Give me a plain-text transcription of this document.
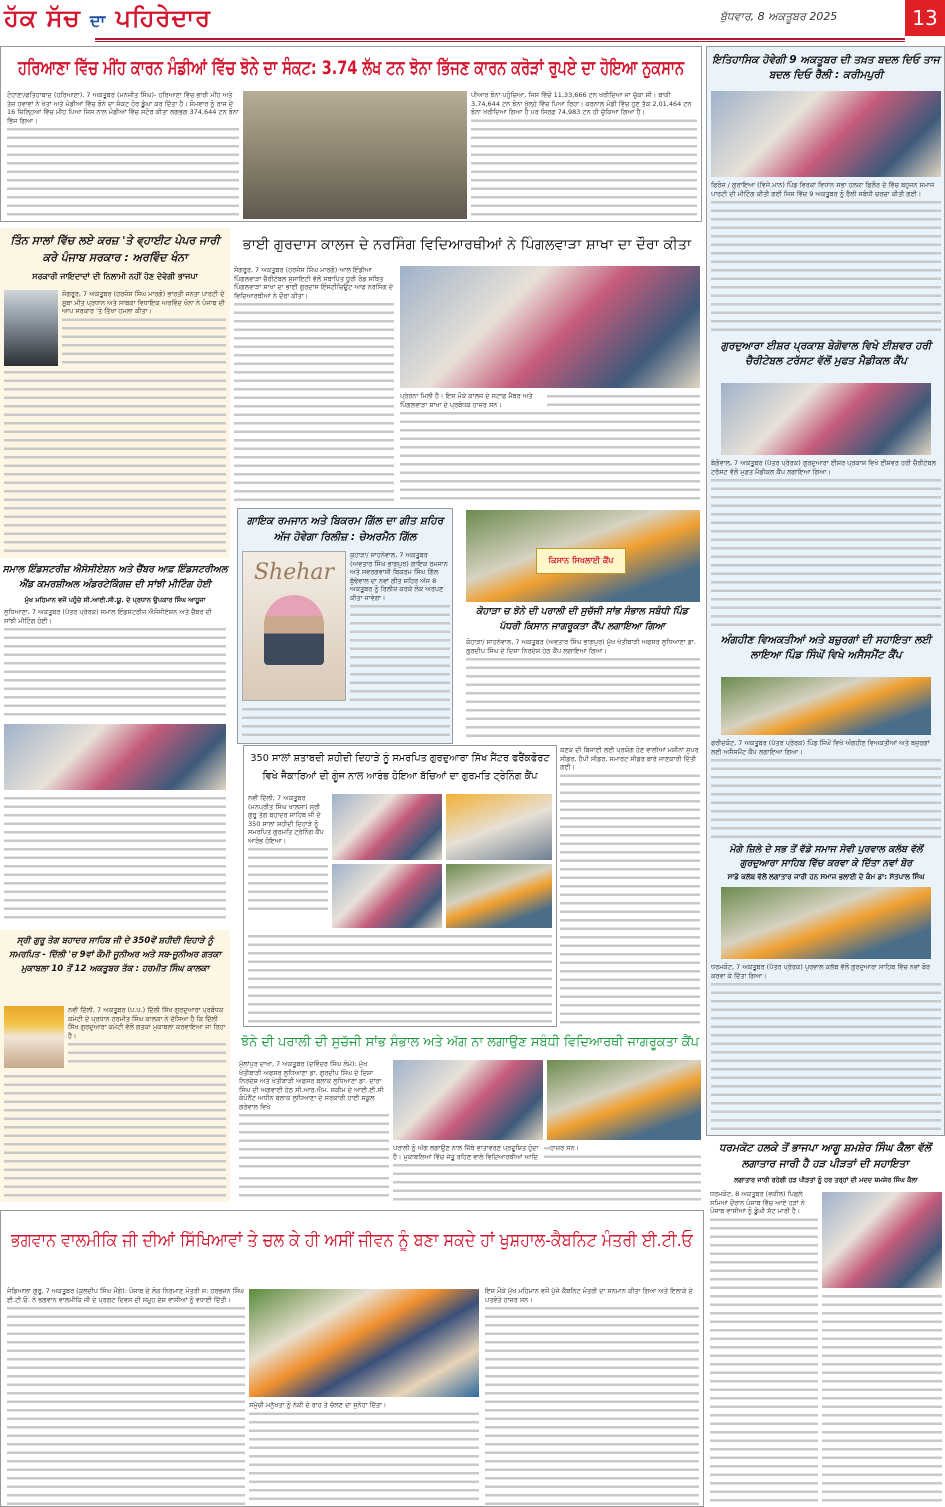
ਹੱਕ ਸੱਚ ਦਾ ਪਹਿਰੇਦਾਰ	ਬੁੱਧਵਾਰ, 8 ਅਕਤੂਬਰ 2025	13
ਹਰਿਆਣਾ ਵਿੱਚ ਮੀਂਹ ਕਾਰਨ ਮੰਡੀਆਂ ਵਿੱਚ ਝੋਨੇ ਦਾ ਸੰਕਟ: 3.74 ਲੱਖ ਟਨ ਝੋਨਾ ਭਿੱਜਣ ਕਾਰਨ ਕਰੋੜਾਂ ਰੁਪਏ ਦਾ ਹੋਇਆ ਨੁਕਸਾਨ
ਟੋਹਾਣਾ/ਫਤਿਹਾਬਾਦ (ਹਰਿਆਣਾ), 7 ਅਕਤੂਬਰ (ਮਨਜੀਤ ਸਿੰਘ)- ਹਰਿਆਣਾ ਵਿੱਚ ਭਾਰੀ ਮੀਂਹ ਅਤੇ ਤੇਜ਼ ਹਵਾਵਾਂ ਨੇ ਖੇਤਾਂ ਅਤੇ ਮੰਡੀਆਂ ਵਿੱਚ ਝੋਨੇ ਦਾ ਸੰਕਟ ਹੋਰ ਡੂੰਘਾ ਕਰ ਦਿੱਤਾ ਹੈ। ਸੋਮਵਾਰ ਨੂੰ ਰਾਜ ਦੇ 16 ਜ਼ਿਲ੍ਹਿਆਂ ਵਿੱਚ ਮੀਂਹ ਪਿਆ ਜਿਸ ਨਾਲ ਮੰਡੀਆਂ ਵਿੱਚ ਸਟੋਰ ਕੀਤਾ ਲਗਭਗ 374,644 ਟਨ ਝੋਨਾ ਭਿੱਜ ਗਿਆ।
ਪੀਆਰ ਝੋਨਾ ਪਹੁੰਚਿਆ, ਜਿਸ ਵਿੱਚੋਂ 11,33,666 ਟਨ ਖਰੀਦਿਆ ਜਾ ਚੁੱਕਾ ਸੀ। ਬਾਕੀ 3,74,644 ਟਨ ਝੋਨਾ ਖੁੱਲ੍ਹੇ ਵਿੱਚ ਪਿਆ ਰਿਹਾ। ਕਰਨਾਲ ਮੰਡੀ ਵਿੱਚ ਹੁਣ ਤੱਕ 2,01,464 ਟਨ ਝੋਨਾ ਖਰੀਦਿਆ ਗਿਆ ਹੈ ਪਰ ਸਿਰਫ਼ 74,983 ਟਨ ਹੀ ਚੁੱਕਿਆ ਗਿਆ ਹੈ।
ਇਤਿਹਾਸਿਕ ਹੋਵੇਗੀ 9 ਅਕਤੂਬਰ ਦੀ ਤਖ਼ਤ ਬਦਲ ਦਿਓ ਤਾਜ ਬਦਲ ਦਿਓ ਰੈਲੀ : ਕਰੀਮਪੁਰੀ
ਫਿਰੋਜ਼ / ਗੁਰਾਇਆ (ਵਿਜੇ ਮਾਨ) ਪਿੰਡ ਵਿਰਕਾਂ ਵਿਧਾਨ ਸਭਾ ਹਲਕਾ ਫਿਲੌਰ ਦੇ ਵਿੱਚ ਬਹੁਜਨ ਸਮਾਜ ਪਾਰਟੀ ਦੀ ਮੀਟਿੰਗ ਕੀਤੀ ਗਈ ਜਿਸ ਵਿੱਚ 9 ਅਕਤੂਬਰ ਨੂੰ ਰੈਲੀ ਸਬੰਧੀ ਚਰਚਾ ਕੀਤੀ ਗਈ।
ਗੁਰਦੁਆਰਾ ਈਸ਼ਰ ਪ੍ਰਕਾਸ਼ ਬੇਗੋਵਾਲ ਵਿਖੇ ਈਸ਼ਵਰ ਹਰੀ ਚੈਰੀਟੇਬਲ ਟਰੱਸਟ ਵੱਲੋਂ ਮੁਫਤ ਮੈਡੀਕਲ ਕੈਂਪ
ਬੇਗੋਵਾਲ, 7 ਅਕਤੂਬਰ (ਪੱਤਰ ਪ੍ਰੇਰਕ) ਗੁਰਦੁਆਰਾ ਈਸ਼ਰ ਪ੍ਰਕਾਸ਼ ਵਿਖੇ ਈਸ਼ਵਰ ਹਰੀ ਚੈਰੀਟੇਬਲ ਟਰੱਸਟ ਵੱਲੋਂ ਮੁਫ਼ਤ ਮੈਡੀਕਲ ਕੈਂਪ ਲਗਾਇਆ ਗਿਆ।
ਅੰਗਹੀਣ ਵਿਅਕਤੀਆਂ ਅਤੇ ਬਜ਼ੁਰਗਾਂ ਦੀ ਸਹਾਇਤਾ ਲਈ ਲਾਇਆ ਪਿੰਡ ਸਿੰਘੋਂ ਵਿਖੇ ਅਸੈਸਮੈਂਟ ਕੈਂਪ
ਫਰੀਦਕੋਟ, 7 ਅਕਤੂਬਰ (ਪੱਤਰ ਪ੍ਰੇਰਕ) ਪਿੰਡ ਸਿੰਘੋਂ ਵਿਖੇ ਅੰਗਹੀਣ ਵਿਅਕਤੀਆਂ ਅਤੇ ਬਜ਼ੁਰਗਾਂ ਲਈ ਅਸੈਸਮੈਂਟ ਕੈਂਪ ਲਗਾਇਆ ਗਿਆ।
ਮੋਗੇ ਜ਼ਿਲੇ ਦੇ ਸਭ ਤੋਂ ਵੱਡੇ ਸਮਾਜ ਸੇਵੀ ਪੁਰਵਾਲ ਕਲੱਬ ਵੱਲੋਂ ਗੁਰਦੁਆਰਾ ਸਾਹਿਬ ਵਿੱਚ ਕਰਵਾ ਕੇ ਦਿੱਤਾ ਨਵਾਂ ਬੋਰ
ਸਾਡੇ ਕਲੱਬ ਵੱਲੋਂ ਲਗਾਤਾਰ ਜਾਰੀ ਹਨ ਸਮਾਜ ਭਲਾਈ ਦੇ ਕੰਮ ਡਾ: ਸੱਤਪਾਲ ਸਿੰਘ
ਧਰਮਕੋਟ, 7 ਅਕਤੂਬਰ (ਪੱਤਰ ਪ੍ਰੇਰਕ) ਪੁਰਵਾਲ ਕਲੱਬ ਵੱਲੋਂ ਗੁਰਦੁਆਰਾ ਸਾਹਿਬ ਵਿੱਚ ਨਵਾਂ ਬੋਰ ਕਰਵਾ ਕੇ ਦਿੱਤਾ ਗਿਆ।
ਧਰਮਕੋਟ ਹਲਕੇ ਤੋਂ ਭਾਜਪਾ ਆਗੂ ਸ਼ਮਸ਼ੇਰ ਸਿੰਘ ਕੈਲਾ ਵੱਲੋਂ ਲਗਾਤਾਰ ਜਾਰੀ ਹੈ ਹੜ ਪੀੜਤਾਂ ਦੀ ਸਹਾਇਤਾ
ਲਗਾਤਾਰ ਜਾਰੀ ਰਹੇਗੀ ਹੜ ਪੀੜਤਾਂ ਨੂੰ ਹਰ ਤਰ੍ਹਾਂ ਦੀ ਮਦਦ ਸ਼ਮਸ਼ੇਰ ਸਿੰਘ ਕੈਲਾ
ਧਰਮਕੋਟ, 8 ਅਕਤੂਬਰ (ਵਕੀਲ) ਪਿਛਲੇ ਸਮਿਆਂ ਦੌਰਾਨ ਪੰਜਾਬ ਵਿੱਚ ਆਏ ਹੜਾਂ ਨੇ ਪੰਜਾਬ ਵਾਸੀਆਂ ਨੂੰ ਡੂੰਘੀ ਸੱਟ ਮਾਰੀ ਹੈ।
ਤਿੰਨ ਸਾਲਾਂ ਵਿੱਚ ਲਏ ਕਰਜ਼ 'ਤੇ ਵ੍ਹਾਈਟ ਪੇਪਰ ਜਾਰੀ ਕਰੇ ਪੰਜਾਬ ਸਰਕਾਰ : ਅਰਵਿੰਦ ਖੰਨਾ
ਸਰਕਾਰੀ ਜਾਇਦਾਦਾਂ ਦੀ ਨਿਲਾਮੀ ਨਹੀਂ ਹੋਣ ਦੇਵੇਗੀ ਭਾਜਪਾ
ਸੰਗਰੂਰ, 7 ਅਕਤੂਬਰ (ਹਰਜੰਸ ਸਿੰਘ ਮਾਰਗੋ) ਭਾਰਤੀ ਜਨਤਾ ਪਾਰਟੀ ਦੇ ਸੂਬਾ ਮੀਤ ਪ੍ਰਧਾਨ ਅਤੇ ਸਾਬਕਾ ਵਿਧਾਇਕ ਅਰਵਿੰਦ ਖੰਨਾ ਨੇ ਪੰਜਾਬ ਦੀ ਆਪ ਸਰਕਾਰ 'ਤੇ ਤਿੱਖਾ ਹਮਲਾ ਕੀਤਾ।
ਸਮਾਲ ਇੰਡਸਟਰੀਜ਼ ਐਸੋਸੀਏਸ਼ਨ ਅਤੇ ਚੈਂਬਰ ਆਫ਼ ਇੰਡਸਟਰੀਅਲ ਐਂਡ ਕਮਰਸ਼ੀਅਲ ਅੰਡਰਟੇਕਿੰਗਜ਼ ਦੀ ਸਾਂਝੀ ਮੀਟਿੰਗ ਹੋਈ
ਮੁੱਖ ਮਹਿਮਾਨ ਵਜੋਂ ਪਹੁੰਚੇ ਸੀ.ਆਈ.ਸੀ.ਯੂ. ਦੇ ਪ੍ਰਧਾਨ ਉਪਕਾਰ ਸਿੰਘ ਆਹੂਜਾ
ਲੁਧਿਆਣਾ, 7 ਅਕਤੂਬਰ (ਪੱਤਰ ਪ੍ਰੇਰਕ) ਸਮਾਲ ਇੰਡਸਟਰੀਜ਼ ਐਸੋਸੀਏਸ਼ਨ ਅਤੇ ਚੈਂਬਰ ਦੀ ਸਾਂਝੀ ਮੀਟਿੰਗ ਹੋਈ।
ਸ੍ਰੀ ਗੁਰੂ ਤੇਗ ਬਹਾਦਰ ਸਾਹਿਬ ਜੀ ਦੇ 350ਵੇਂ ਸ਼ਹੀਦੀ ਦਿਹਾੜੇ ਨੂੰ ਸਮਰਪਿਤ - ਦਿੱਲੀ 'ਚ 9ਵਾਂ ਕੌਮੀ ਜੂਨੀਅਰ ਅਤੇ ਸਬ-ਜੂਨੀਅਰ ਗਤਕਾ ਮੁਕਾਬਲਾ 10 ਤੋਂ 12 ਅਕਤੂਬਰ ਤੱਕ : ਹਰਮੀਤ ਸਿੰਘ ਕਾਲਕਾ
ਨਵੀਂ ਦਿੱਲੀ, 7 ਅਕਤੂਬਰ (ਪ.ਪ.) ਦਿੱਲੀ ਸਿੱਖ ਗੁਰਦੁਆਰਾ ਪ੍ਰਬੰਧਕ ਕਮੇਟੀ ਦੇ ਪ੍ਰਧਾਨ ਹਰਮੀਤ ਸਿੰਘ ਕਾਲਕਾ ਨੇ ਦੱਸਿਆ ਹੈ ਕਿ ਦਿੱਲੀ ਸਿੱਖ ਗੁਰਦੁਆਰਾ ਕਮੇਟੀ ਵੱਲੋਂ ਗਤਕਾ ਮੁਕਾਬਲਾ ਕਰਵਾਇਆ ਜਾ ਰਿਹਾ ਹੈ।
ਭਾਈ ਗੁਰਦਾਸ ਕਾਲਜ ਦੇ ਨਰਸਿੰਗ ਵਿਦਿਆਰਥੀਆਂ ਨੇ ਪਿੰਗਲਵਾੜਾ ਸ਼ਾਖਾ ਦਾ ਦੌਰਾ ਕੀਤਾ
ਸੰਗਰੂਰ, 7 ਅਕਤੂਬਰ (ਹਰਜੰਸ ਸਿੰਘ ਮਾਰਗੋ) ਆਲ ਇੰਡੀਆ ਪਿੰਗਲਵਾੜਾ ਚੈਰੀਟੇਬਲ ਸੁਸਾਇਟੀ ਵੱਲੋਂ ਸਥਾਪਿਤ ਧੂਰੀ ਰੋਡ ਸਥਿਤ ਪਿੰਗਲਵਾੜਾ ਸ਼ਾਖਾ ਦਾ ਭਾਈ ਗੁਰਦਾਸ ਇੰਸਟੀਚਿਊਟ ਆਫ ਨਰਸਿੰਗ ਦੇ ਵਿਦਿਆਰਥੀਆਂ ਨੇ ਦੌਰਾ ਕੀਤਾ।
ਪ੍ਰੇਰਨਾ ਮਿਲੀ ਹੈ। ਇਸ ਮੌਕੇ ਕਾਲਜ ਦੇ ਸਟਾਫ ਮੈਂਬਰ ਅਤੇ ਪਿੰਗਲਵਾੜਾ ਸ਼ਾਖਾ ਦੇ ਪ੍ਰਬੰਧਕ ਹਾਜ਼ਰ ਸਨ।
ਗਾਇਕ ਰਮਜਾਨ ਅਤੇ ਬਿਕਰਮ ਗਿੱਲ ਦਾ ਗੀਤ ਸ਼ਹਿਰ ਅੱਜ ਹੋਵੇਗਾ ਰਿਲੀਜ਼ : ਚੇਅਰਮੈਨ ਗਿੱਲ
Shehar
ਕੁਹਾੜਾ/ ਸਾਹਨੇਵਾਲ, 7 ਅਕਤੂਬਰ (ਅਵਤਾਰ ਸਿੰਘ ਭਾਗਪੁਰ) ਗਾਇਕ ਰਮਜਾਨ ਅਤੇ ਸਵਰਗਵਾਸੀ ਬਿਕਰਮ ਸਿੰਘ ਗਿੱਲ ਬੁੱਢੇਵਾਲ ਦਾ ਨਵਾਂ ਗੀਤ ਸ਼ਹਿਰ ਅੱਜ 8 ਅਕਤੂਬਰ ਨੂੰ ਰਿਲੀਜ਼ ਕਰਕੇ ਲੋਕ ਅਰਪਣ ਕੀਤਾ ਜਾਵੇਗਾ।
ਕਿਸਾਨ ਸਿਖਲਾਈ ਕੈਂਪ
ਕੋਹਾੜਾ ਚ ਝੋਨੇ ਦੀ ਪਰਾਲੀ ਦੀ ਸੁਚੱਜੀ ਸਾਂਭ ਸੰਭਾਲ ਸਬੰਧੀ ਪਿੰਡ ਪੱਧਰੀ ਕਿਸਾਨ ਜਾਗਰੂਕਤਾ ਕੈਂਪ ਲਗਾਇਆ ਗਿਆ
ਕੋਹਾੜਾ/ ਸਾਹਨੇਵਾਲ, 7 ਅਕਤੂਬਰ (ਅਵਤਾਰ ਸਿੰਘ ਭਾਗਪੁਰ) ਮੁੱਖ ਖੇਤੀਬਾੜੀ ਅਫਸਰ ਲੁਧਿਆਣਾ ਡਾ. ਗੁਰਦੀਪ ਸਿੰਘ ਦੇ ਦਿਸ਼ਾ ਨਿਰਦੇਸ਼ ਹੇਠ ਕੈਂਪ ਲਗਾਇਆ ਗਿਆ।
ਕਣਕ ਦੀ ਬਿਜਾਈ ਲਈ ਪ੍ਰਯੋਗ ਹੋਣ ਵਾਲੀਆਂ ਮਸ਼ੀਨਾਂ ਸੁਪਰ ਸੀਡਰ, ਹੈਪੀ ਸੀਡਰ, ਸਮਾਰਟ ਸੀਡਰ ਬਾਰੇ ਜਾਣਕਾਰੀ ਦਿੱਤੀ ਗਈ।
350 ਸਾਲਾਂ ਸ਼ਤਾਬਦੀ ਸ਼ਹੀਦੀ ਦਿਹਾੜੇ ਨੂੰ ਸਮਰਪਿਤ ਗੁਰਦੁਆਰਾ ਸਿੱਖ ਸੈਂਟਰ ਫਰੈਂਕਫੋਰਟ ਵਿਖੇ ਜੈਕਾਰਿਆਂ ਦੀ ਗੂੰਜ ਨਾਲ ਆਰੰਭ ਹੋਇਆ ਬੱਚਿਆਂ ਦਾ ਗੁਰਮਤਿ ਟ੍ਰੇਨਿੰਗ ਕੈਂਪ
ਨਵੀਂ ਦਿੱਲੀ, 7 ਅਕਤੂਬਰ (ਮਨਪ੍ਰੀਤ ਸਿੰਘ ਖਾਲਸਾ) ਸ੍ਰੀ ਗੁਰੂ ਤੇਗ ਬਹਾਦਰ ਸਾਹਿਬ ਜੀ ਦੇ 350 ਸਾਲਾਂ ਸ਼ਹੀਦੀ ਦਿਹਾੜੇ ਨੂੰ ਸਮਰਪਿਤ ਗੁਰਮਤਿ ਟ੍ਰੇਨਿੰਗ ਕੈਂਪ ਆਰੰਭ ਹੋਇਆ।
ਝੋਨੇ ਦੀ ਪਰਾਲੀ ਦੀ ਸੁਚੱਜੀ ਸਾਂਭ ਸੰਭਾਲ ਅਤੇ ਅੱਗ ਨਾ ਲਗਾਉਣ ਸਬੰਧੀ ਵਿਦਿਆਰਥੀ ਜਾਗਰੂਕਤਾ ਕੈਂਪ
ਮੁੱਲਾਂਪੁਰ ਦਾਖਾ, 7 ਅਕਤੂਬਰ (ਦਵਿੰਦਰ ਸਿੰਘ ਲੰਮੇ): ਮੁੱਖ ਖੇਤੀਬਾੜੀ ਅਫਸਰ ਲੁਧਿਆਣਾ ਡਾ. ਗੁਰਦੀਪ ਸਿੰਘ ਦੇ ਦਿਸ਼ਾ ਨਿਰਦੇਸ਼ ਅਤੇ ਖੇਤੀਬਾੜੀ ਅਫਸਰ ਬਲਾਕ ਲੁਧਿਆਣਾ ਡਾ. ਦਾਰਾ ਸਿੰਘ ਦੀ ਅਗਵਾਈ ਹੇਠ ਸੀ.ਆਰ.ਐਮ. ਸਕੀਮ ਦੇ ਆਈ.ਈ.ਸੀ ਕੰਪੋਨੈਂਟ ਅਧੀਨ ਬਲਾਕ ਲੁਧਿਆਣਾ ਦੇ ਸਰਕਾਰੀ ਹਾਈ ਸਕੂਲ ਗਰੇਵਾਲ ਵਿਖੇ
ਪਰਾਲੀ ਨੂੰ ਅੱਗ ਲਗਾਉਣ ਨਾਲ ਜਿੱਥੇ ਵਾਤਾਵਰਣ ਪ੍ਰਦੂਸ਼ਿਤ ਹੁੰਦਾ ਹੈ। ਮੁਕਾਬਲਿਆਂ ਵਿੱਚ ਜੇਤੂ ਰਹਿਣ ਵਾਲੇ ਵਿਦਿਆਰਥੀਆਂ ਆਦਿ ਹਾਜ਼ਰ ਸਨ।
ਭਗਵਾਨ ਵਾਲਮੀਕਿ ਜੀ ਦੀਆਂ ਸਿੱਖਿਆਵਾਂ ਤੇ ਚਲ ਕੇ ਹੀ ਅਸੀਂ ਜੀਵਨ ਨੂੰ ਬਣਾ ਸਕਦੇ ਹਾਂ ਖੁਸ਼ਹਾਲ-ਕੈਬਨਿਟ ਮੰਤਰੀ ਈ.ਟੀ.ਓ
ਜੰਡਿਆਲਾ ਗੁਰੂ, 7 ਅਕਤੂਬਰ (ਕੁਲਦੀਪ ਸਿੰਘ ਮੌਂਗੇ): ਪੰਜਾਬ ਦੇ ਲੋਕ ਨਿਰਮਾਣ ਮੰਤਰੀ ਸ: ਹਰਭਜਨ ਸਿੰਘ ਈ.ਟੀ.ਓ. ਨੇ ਭਗਵਾਨ ਵਾਲਮੀਕਿ ਜੀ ਦੇ ਪ੍ਰਗਟ ਦਿਵਸ ਦੀ ਸਮੂਹ ਦੇਸ਼ ਵਾਸੀਆਂ ਨੂੰ ਵਧਾਈ ਦਿੱਤੀ।
ਸਮੁੱਚੀ ਮਨੁੱਖਤਾ ਨੂੰ ਨੇਕੀ ਦੇ ਰਾਹ ਤੇ ਚੱਲਣ ਦਾ ਸੁਨੇਹਾ ਦਿੱਤਾ।
ਇਸ ਮੌਕੇ ਮੁੱਖ ਮਹਿਮਾਨ ਵਜੋਂ ਪੁੱਜੇ ਕੈਬਨਿਟ ਮੰਤਰੀ ਦਾ ਸਨਮਾਨ ਕੀਤਾ ਗਿਆ ਅਤੇ ਇਲਾਕੇ ਦੇ ਪਤਵੰਤੇ ਹਾਜ਼ਰ ਸਨ।
